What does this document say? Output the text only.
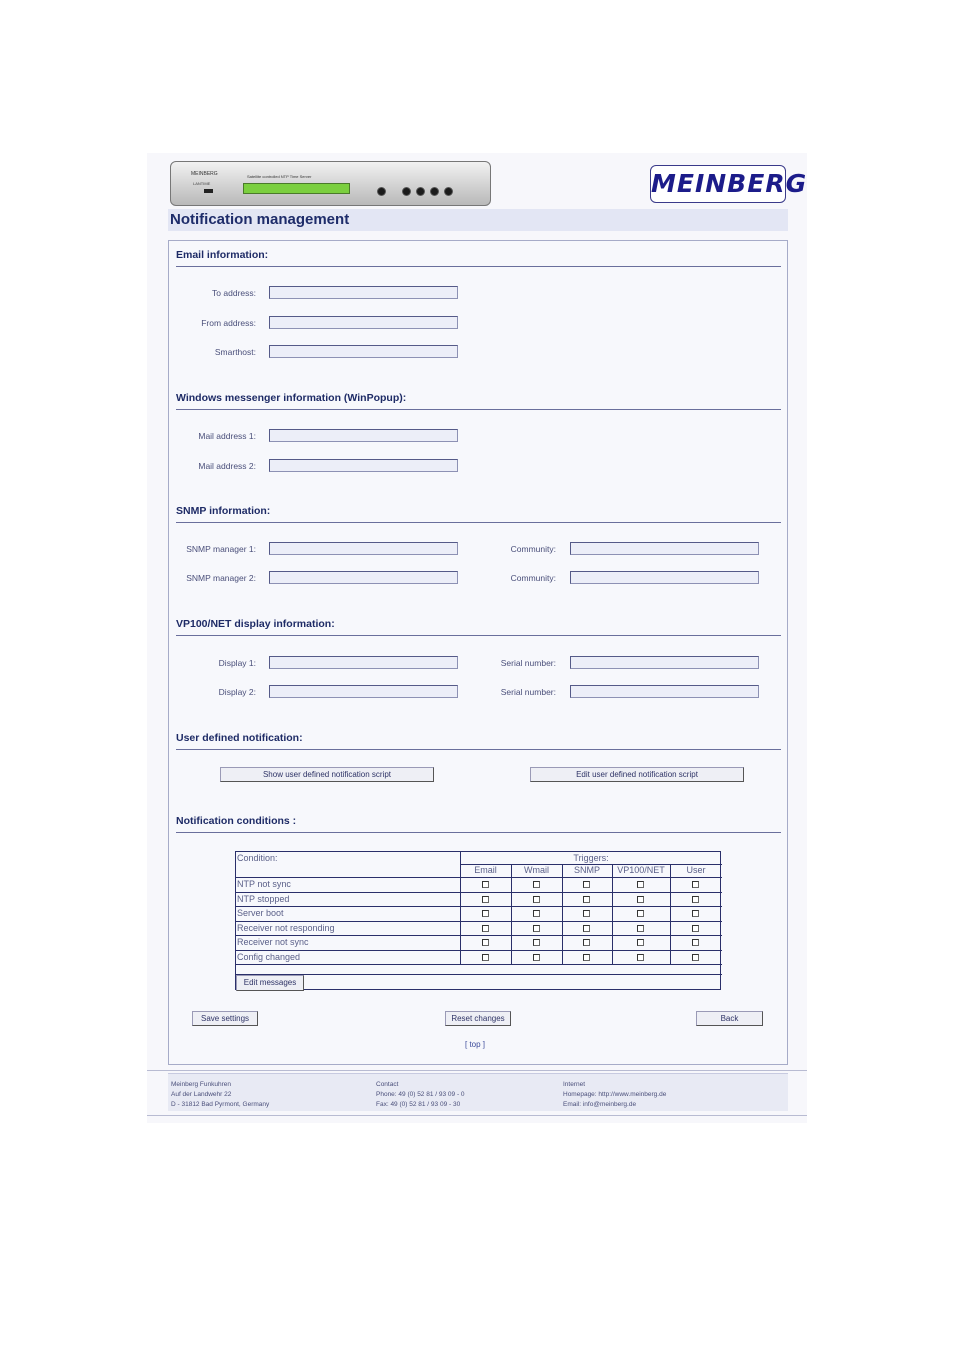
MEINBERG
LANTIME
Satellite controlled NTP Time Server	MEINBERG
Notification management
Email information:
To address:
From address:
Smarthost:
Windows messenger information (WinPopup):
Mail address 1:
Mail address 2:
SNMP information:
SNMP manager 1:	Community:
SNMP manager 2:	Community:
VP100/NET display information:
Display 1:	Serial number:
Display 2:	Serial number:
User defined notification:
Show user defined notification script	Edit user defined notification script
Notification conditions :
Condition:	Triggers:
Email	Wmail	SNMP	VP100/NET	User
NTP not sync
NTP stopped
Server boot
Receiver not responding
Receiver not sync
Config changed
Edit messages
Save settings	Reset changes	Back
[ top ]
Meinberg Funkuhren
Auf der Landwehr 22
D - 31812 Bad Pyrmont, Germany
Contact
Phone: 49 (0) 52 81 / 93 09 - 0
Fax: 49 (0) 52 81 / 93 09 - 30
Internet
Homepage: http://www.meinberg.de
Email: info@meinberg.de
